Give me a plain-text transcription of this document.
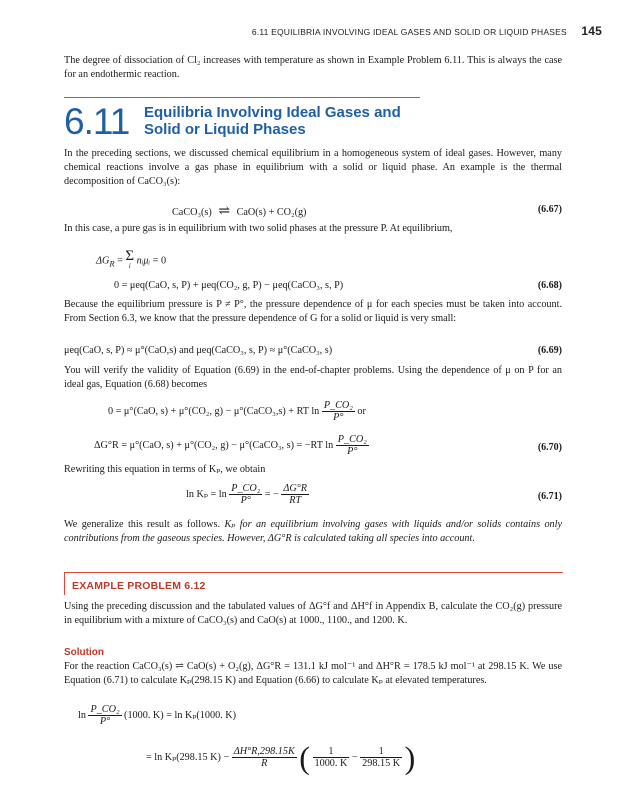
6.11 EQUILIBRIA INVOLVING IDEAL GASES AND SOLID OR LIQUID PHASES 145

The degree of dissociation of Cl₂ increases with temperature as shown in Example Problem 6.11. This is always the case for an endothermic reaction.

6.11 Equilibria Involving Ideal Gases and
Solid or Liquid Phases

In the preceding sections, we discussed chemical equilibrium in a homogeneous system of ideal gases. However, many chemical reactions involve a gas phase in equilibrium with a solid or liquid phase. An example is the thermal decomposition of CaCO₃(s):

CaCO₃(s) ⇌ CaO(s) + CO₂(g)	(6.67)

In this case, a pure gas is in equilibrium with two solid phases at the pressure P. At equilibrium,

$\Delta G_R = \Sigma$
i nᵢμᵢ = 0
0 = μeq(CaO, s, P) + μeq(CO₂, g, P) − μeq(CaCO₃, s, P)	(6.68)

Because the equilibrium pressure is P ≠ P°, the pressure dependence of μ for each species must be taken into account. From Section 6.3, we know that the pressure dependence of G for a solid or liquid is very small:

μeq(CaO, s, P) ≈ μ°(CaO,s) and μeq(CaCO₃, s, P) ≈ μ°(CaCO₃, s)	(6.69)

You will verify the validity of Equation (6.69) in the end-of-chapter problems. Using the dependence of μ on P for an ideal gas, Equation (6.68) becomes

0 = μ°(CaO, s) + μ°(CO₂, g) − μ°(CaCO₃,s) + RT $\ln \frac{\text{P\_CO₂}}{P^\circ}$ or
ΔG°R = μ°(CaO, s) + μ°(CO₂, g) − μ°(CaCO₃, s) = −RT $\ln \frac{\text{P\_CO₂}}{P^\circ}$	(6.70)

Rewriting this equation in terms of Kₚ, we obtain

$\ln K_p = \ln \frac{\text{P\_CO₂}}{P^\circ}$ = − $\frac{\Delta G^\circ R}{RT}$	(6.71)

We generalize this result as follows. Kₚ for an equilibrium involving gases with liquids and/or solids contains only contributions from the gaseous species. However, ΔG°R is calculated taking all species into account.

EXAMPLE PROBLEM 6.12

Using the preceding discussion and the tabulated values of ΔG°f and ΔH°f in Appendix B, calculate the CO₂(g) pressure in equilibrium with a mixture of CaCO₃(s) and CaO(s) at 1000., 1100., and 1200. K.

Solution

For the reaction CaCO₃(s) ⇌ CaO(s) + O₂(g), ΔG°R = 131.1 kJ mol⁻¹ and ΔH°R = 178.5 kJ mol⁻¹ at 298.15 K. We use Equation (6.71) to calculate Kₚ(298.15 K) and Equation (6.66) to calculate Kₚ at elevated temperatures.

$\ln \frac{\text{P\_CO₂}}{P^\circ} (1000$. K) = ln Kₚ(1000. K)
= ln Kₚ(298.15 $K) - \frac{\Delta H^\circ R,298.15K}{R}$ ( $\frac{1}{1000. K} - \frac{1}{298.15 K}$ )
